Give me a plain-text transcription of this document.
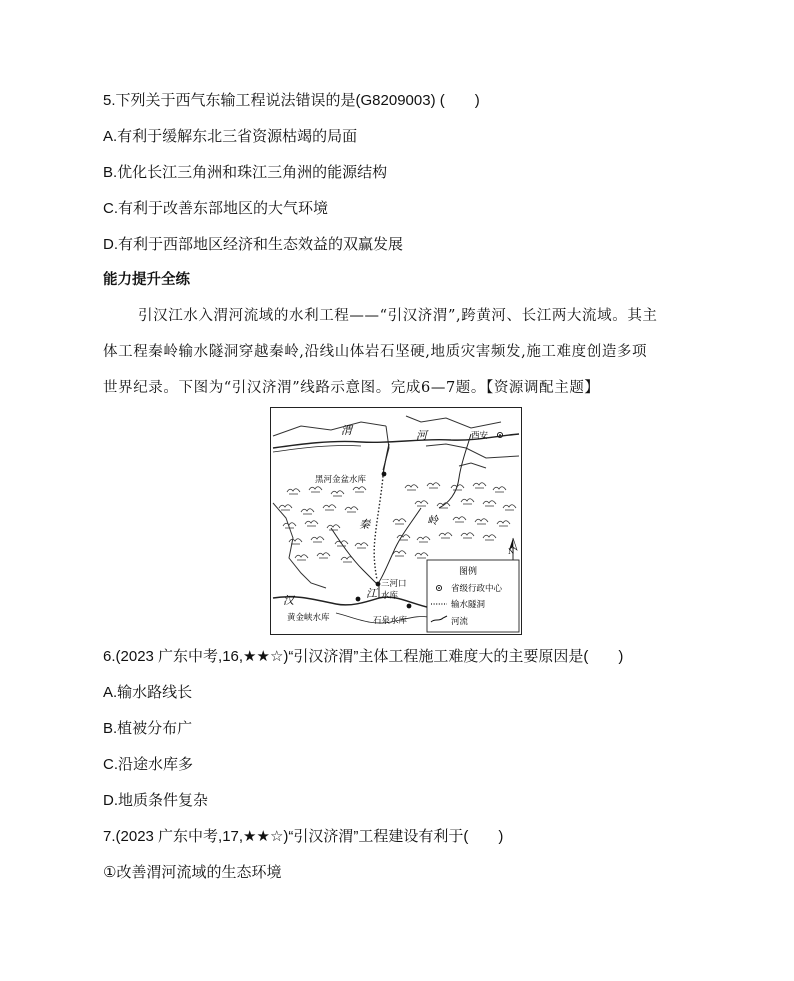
5.下列关于西气东输工程说法错误的是(G8209003) (　　)
A.有利于缓解东北三省资源枯竭的局面
B.优化长江三角洲和珠江三角洲的能源结构
C.有利于改善东部地区的大气环境
D.有利于西部地区经济和生态效益的双赢发展
能力提升全练
引汉江水入渭河流域的水利工程——“引汉济渭”,跨黄河、长江两大流域。其主
体工程秦岭输水隧洞穿越秦岭,沿线山体岩石坚硬,地质灾害频发,施工难度创造多项
世界纪录。下图为“引汉济渭”线路示意图。完成6—7题。【资源调配主题】
渭	河	西安
黑河金盆水库
秦	岭
三河口
水库
江
汉
黄金峡水库	石泉水库
N
图例
省级行政中心
输水隧洞
河流
6.(2023 广东中考,16,★★☆)“引汉济渭”主体工程施工难度大的主要原因是(　　)
A.输水路线长
B.植被分布广
C.沿途水库多
D.地质条件复杂
7.(2023 广东中考,17,★★☆)“引汉济渭”工程建设有利于(　　)
①改善渭河流域的生态环境
